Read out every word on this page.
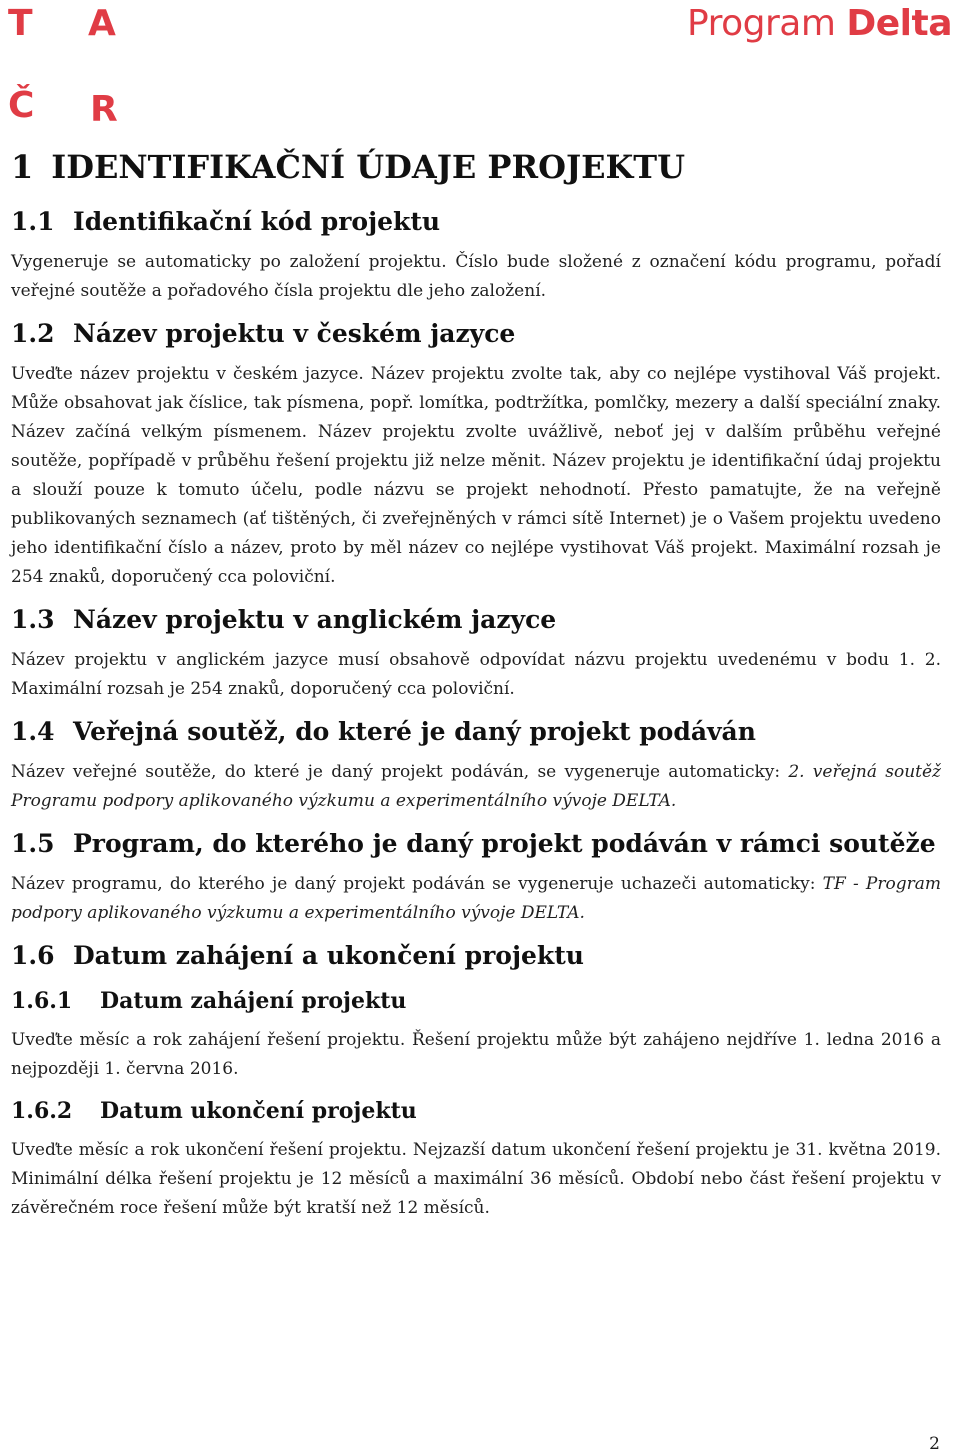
T A
Č R
Program Delta
1 IDENTIFIKAČNÍ ÚDAJE PROJEKTU
1.1 Identifikační kód projektu

Vygeneruje se automaticky po založení projektu. Číslo bude složené z označení kódu programu, pořadí veřejné soutěže a pořadového čísla projektu dle jeho založení.

1.2 Název projektu v českém jazyce

Uveďte název projektu v českém jazyce. Název projektu zvolte tak, aby co nejlépe vystihoval Váš projekt. Může obsahovat jak číslice, tak písmena, popř. lomítka, podtržítka, pomlčky, mezery a další speciální znaky. Název začíná velkým písmenem. Název projektu zvolte uvážlivě, neboť jej v dalším průběhu veřejné soutěže, popřípadě v průběhu řešení projektu již nelze měnit. Název projektu je identifikační údaj projektu a slouží pouze k tomuto účelu, podle názvu se projekt nehodnotí. Přesto pamatujte, že na veřejně publikovaných seznamech (ať tištěných, či zveřejněných v rámci sítě Internet) je o Vašem projektu uvedeno jeho identifikační číslo a název, proto by měl název co nejlépe vystihovat Váš projekt. Maximální rozsah je 254 znaků, doporučený cca poloviční.

1.3 Název projektu v anglickém jazyce

Název projektu v anglickém jazyce musí obsahově odpovídat názvu projektu uvedenému v bodu 1. 2. Maximální rozsah je 254 znaků, doporučený cca poloviční.

1.4 Veřejná soutěž, do které je daný projekt podáván

Název veřejné soutěže, do které je daný projekt podáván, se vygeneruje automaticky: 2. veřejná soutěž Programu podpory aplikovaného výzkumu a experimentálního vývoje DELTA.

1.5 Program, do kterého je daný projekt podáván v rámci soutěže

Název programu, do kterého je daný projekt podáván se vygeneruje uchazeči automaticky: TF - Program podpory aplikovaného výzkumu a experimentálního vývoje DELTA.

1.6 Datum zahájení a ukončení projektu
1.6.1 Datum zahájení projektu

Uveďte měsíc a rok zahájení řešení projektu. Řešení projektu může být zahájeno nejdříve 1. ledna 2016 a nejpozději 1. června 2016.

1.6.2 Datum ukončení projektu

Uveďte měsíc a rok ukončení řešení projektu. Nejzazší datum ukončení řešení projektu je 31. května 2019. Minimální délka řešení projektu je 12 měsíců a maximální 36 měsíců. Období nebo část řešení projektu v závěrečném roce řešení může být kratší než 12 měsíců.

2
